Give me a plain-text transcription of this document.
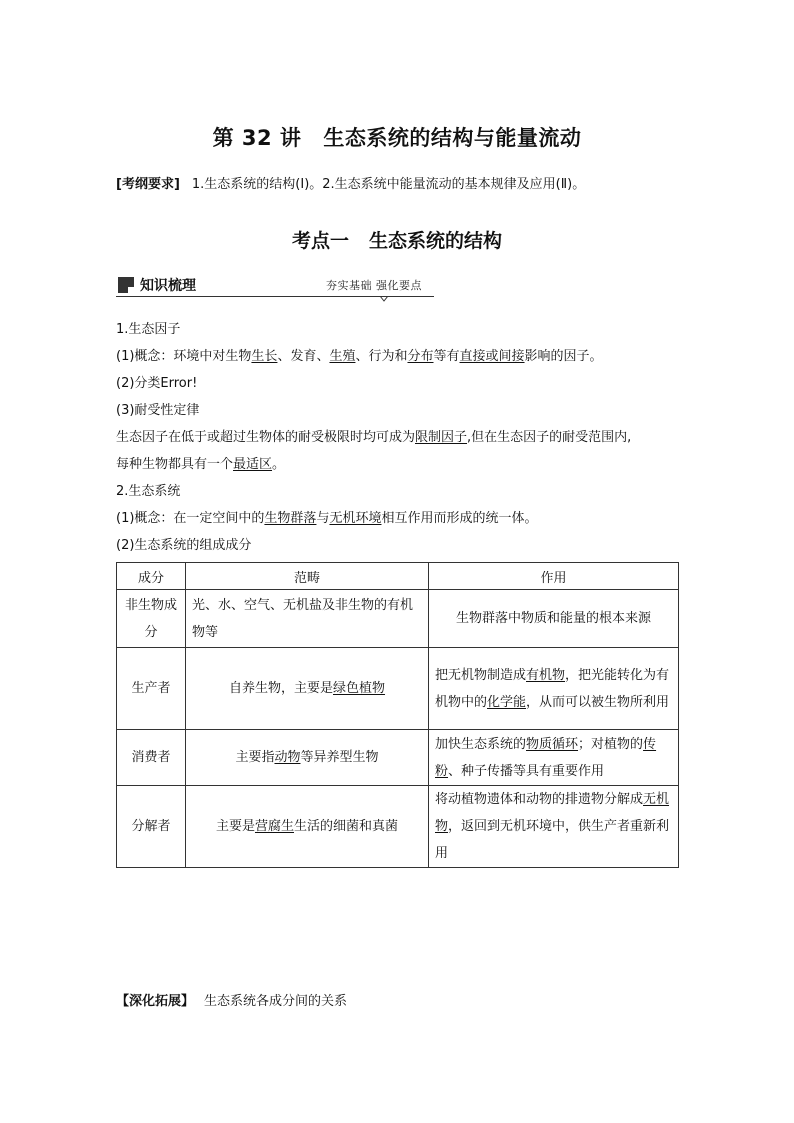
第 32 讲 生态系统的结构与能量流动
[考纲要求] 1.生态系统的结构(Ⅰ)。2.生态系统中能量流动的基本规律及应用(Ⅱ)。
考点一 生态系统的结构
知识梳理	夯实基础 强化要点

1.生态因子

(1)概念：环境中对生物生长、发育、生殖、行为和分布等有直接或间接影响的因子。

(2)分类Error!

(3)耐受性定律

生态因子在低于或超过生物体的耐受极限时均可成为限制因子,但在生态因子的耐受范围内,

每种生物都具有一个最适区。

2.生态系统

(1)概念：在一定空间中的生物群落与无机环境相互作用而形成的统一体。

(2)生态系统的组成成分

成分	范畴	作用
非生物成分	光、水、空气、无机盐及非生物的有机物等	生物群落中物质和能量的根本来源
生产者	自养生物，主要是绿色植物	把无机物制造成有机物，把光能转化为有机物中的化学能，从而可以被生物所利用
消费者	主要指动物等异养型生物	加快生态系统的物质循环；对植物的传粉、种子传播等具有重要作用
分解者	主要是营腐生生活的细菌和真菌	将动植物遗体和动物的排遗物分解成无机物，返回到无机环境中，供生产者重新利用
【深化拓展】 生态系统各成分间的关系
